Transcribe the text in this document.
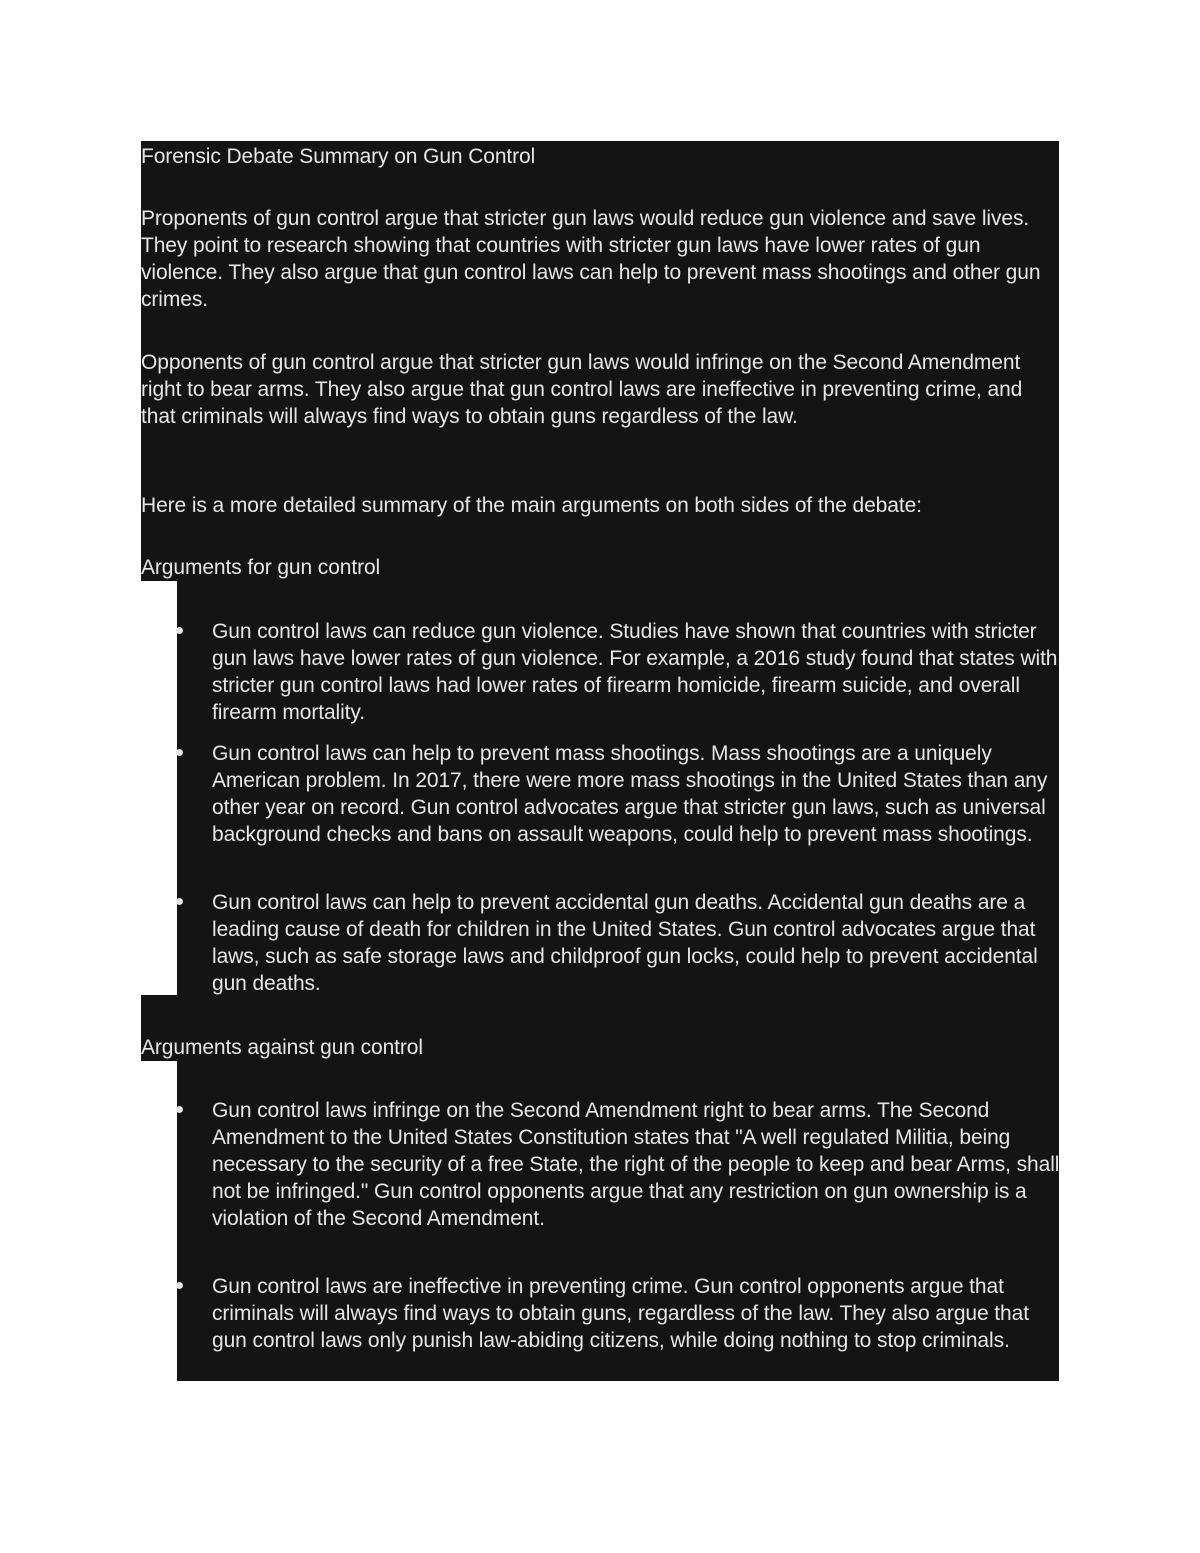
Forensic Debate Summary on Gun Control
Proponents of gun control argue that stricter gun laws would reduce gun violence and save lives. They point to research showing that countries with stricter gun laws have lower rates of gun violence. They also argue that gun control laws can help to prevent mass shootings and other gun crimes.
Opponents of gun control argue that stricter gun laws would infringe on the Second Amendment right to bear arms. They also argue that gun control laws are ineffective in preventing crime, and that criminals will always find ways to obtain guns regardless of the law.
Here is a more detailed summary of the main arguments on both sides of the debate:
Arguments for gun control
Gun control laws can reduce gun violence. Studies have shown that countries with stricter gun laws have lower rates of gun violence. For example, a 2016 study found that states with stricter gun control laws had lower rates of firearm homicide, firearm suicide, and overall firearm mortality.
Gun control laws can help to prevent mass shootings. Mass shootings are a uniquely American problem. In 2017, there were more mass shootings in the United States than any other year on record. Gun control advocates argue that stricter gun laws, such as universal background checks and bans on assault weapons, could help to prevent mass shootings.
Gun control laws can help to prevent accidental gun deaths. Accidental gun deaths are a leading cause of death for children in the United States. Gun control advocates argue that laws, such as safe storage laws and childproof gun locks, could help to prevent accidental gun deaths.
Arguments against gun control
Gun control laws infringe on the Second Amendment right to bear arms. The Second Amendment to the United States Constitution states that "A well regulated Militia, being necessary to the security of a free State, the right of the people to keep and bear Arms, shall not be infringed." Gun control opponents argue that any restriction on gun ownership is a violation of the Second Amendment.
Gun control laws are ineffective in preventing crime. Gun control opponents argue that criminals will always find ways to obtain guns, regardless of the law. They also argue that gun control laws only punish law-abiding citizens, while doing nothing to stop criminals.
